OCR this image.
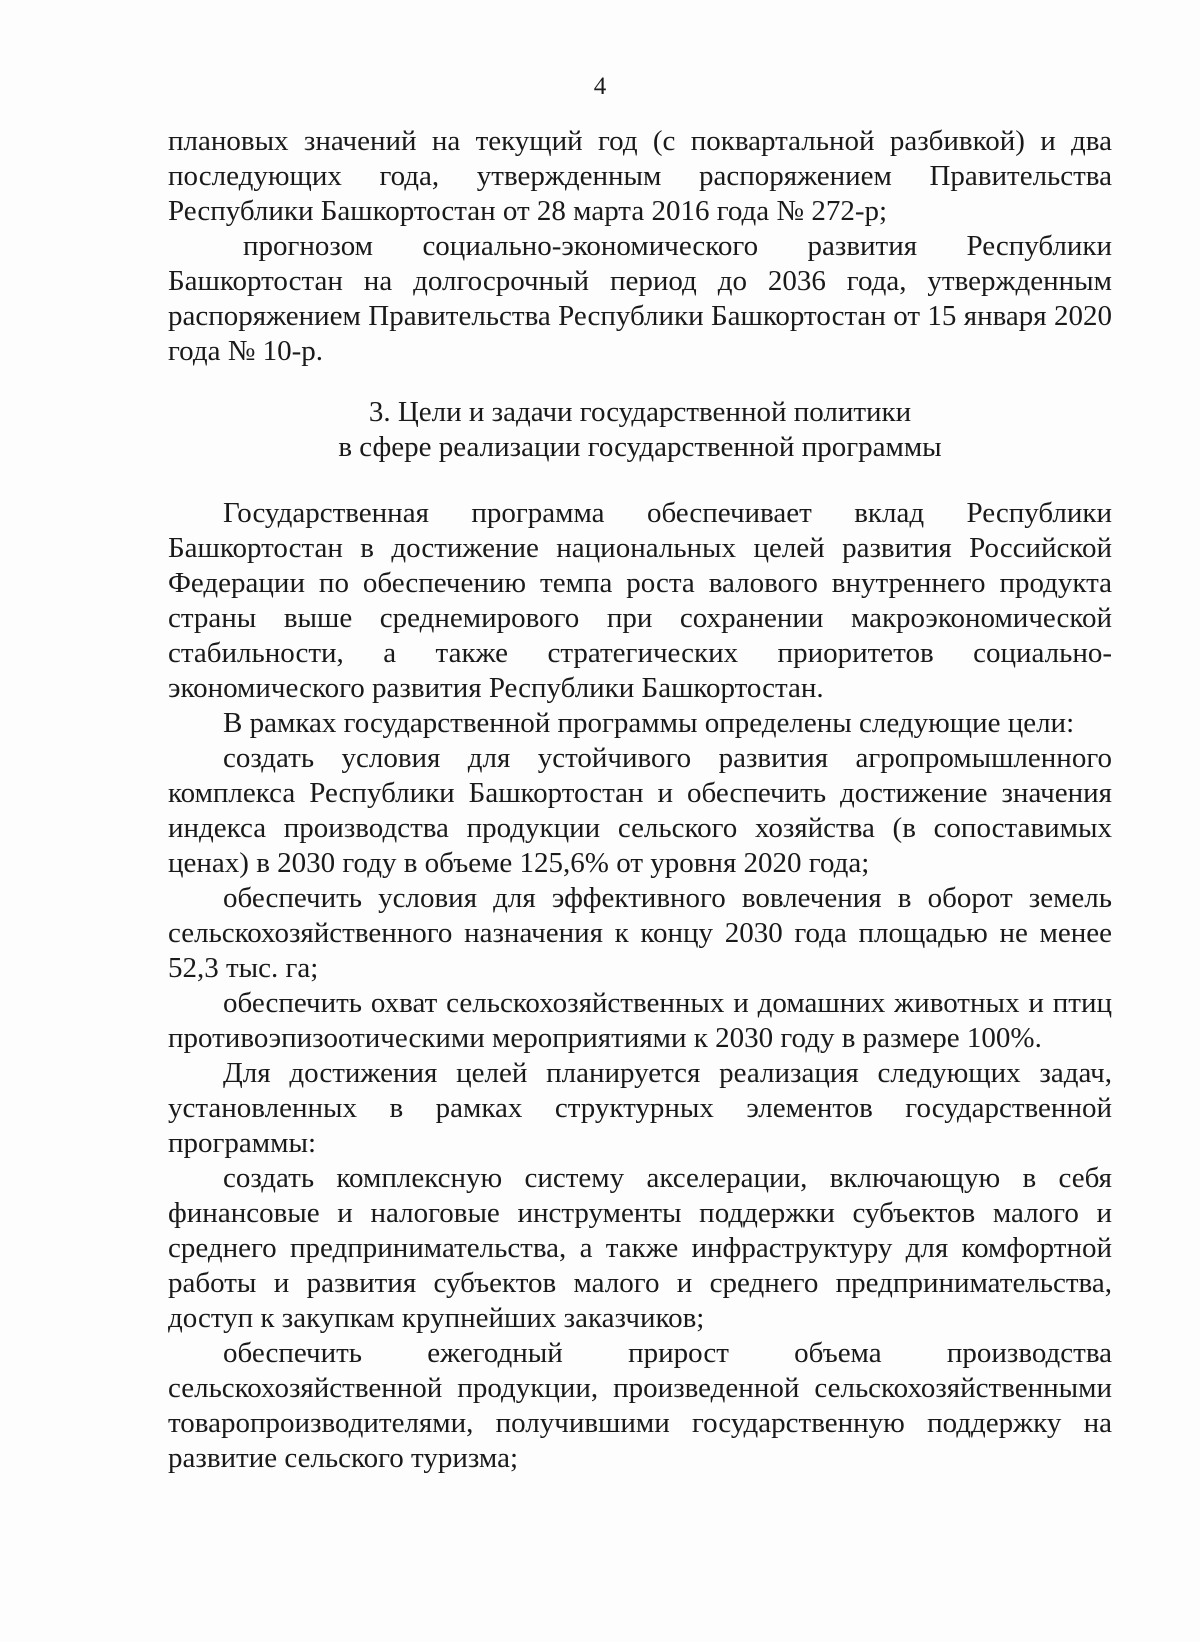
4

плановых значений на текущий год (с поквартальной разбивкой) и два последующих года, утвержденным распоряжением Правительства Республики Башкортостан от 28 марта 2016 года № 272-р;

прогнозом социально-экономического развития Республики Башкортостан на долгосрочный период до 2036 года, утвержденным распоряжением Правительства Республики Башкортостан от 15 января 2020 года № 10-р.

3. Цели и задачи государственной политики
в сфере реализации государственной программы

Государственная программа обеспечивает вклад Республики Башкортостан в достижение национальных целей развития Российской Федерации по обеспечению темпа роста валового внутреннего продукта страны выше среднемирового при сохранении макроэкономической стабильности, а также стратегических приоритетов социально-экономического развития Республики Башкортостан.

В рамках государственной программы определены следующие цели:

создать условия для устойчивого развития агропромышленного комплекса Республики Башкортостан и обеспечить достижение значения индекса производства продукции сельского хозяйства (в сопоставимых ценах) в 2030 году в объеме 125,6% от уровня 2020 года;

обеспечить условия для эффективного вовлечения в оборот земель сельскохозяйственного назначения к концу 2030 года площадью не менее 52,3 тыс. га;

обеспечить охват сельскохозяйственных и домашних животных и птиц противоэпизоотическими мероприятиями к 2030 году в размере 100%.

Для достижения целей планируется реализация следующих задач, установленных в рамках структурных элементов государственной программы:

создать комплексную систему акселерации, включающую в себя финансовые и налоговые инструменты поддержки субъектов малого и среднего предпринимательства, а также инфраструктуру для комфортной работы и развития субъектов малого и среднего предпринимательства, доступ к закупкам крупнейших заказчиков;

обеспечить ежегодный прирост объема производства сельскохозяйственной продукции, произведенной сельскохозяйственными товаропроизводителями, получившими государственную поддержку на развитие сельского туризма;
